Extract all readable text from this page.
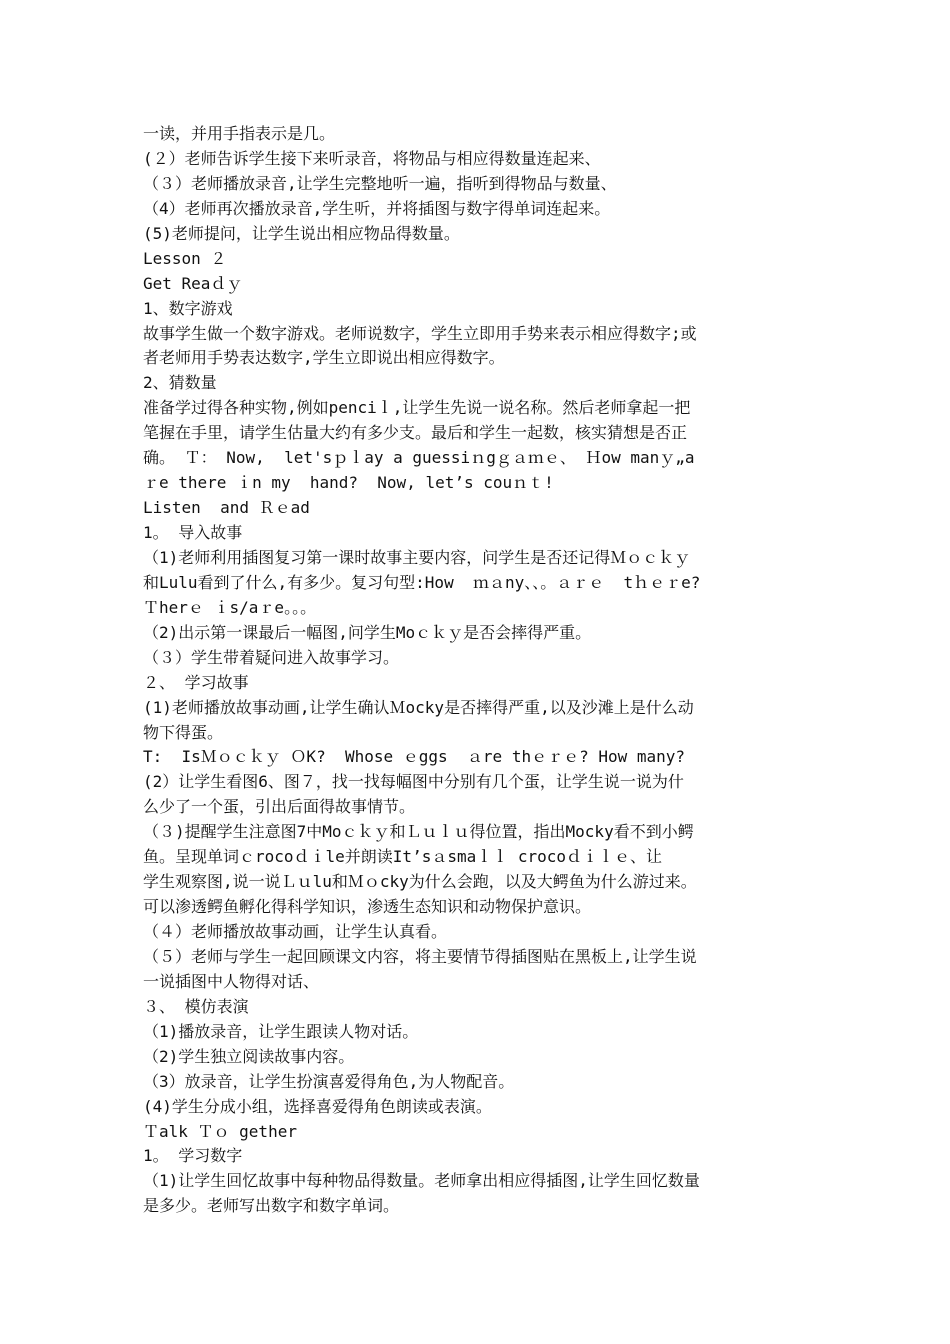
一读，并用手指表示是几。
(２）老师告诉学生接下来听录音，将物品与相应得数量连起来、
（３）老师播放录音,让学生完整地听一遍，指听到得物品与数量、
（4）老师再次播放录音,学生听，并将插图与数字得单词连起来。
(5)老师提问，让学生说出相应物品得数量。
Lesson ２
Get Reaｄｙ
1、数字游戏
故事学生做一个数字游戏。老师说数字，学生立即用手势来表示相应得数字;或
者老师用手势表达数字,学生立即说出相应得数字。
2、猜数量
准备学过得各种实物,例如penciｌ,让学生先说一说名称。然后老师拿起一把
笔握在手里，请学生估量大约有多少支。最后和学生一起数，核实猜想是否正
确。 Ｔ： Now,  let'sｐｌay a guessiｎgｇａｍｅ、 Ｈow manｙ„a
ｒe there ｉn my  hand?  Now, let’s couｎｔ!
Listen  and Ｒｅad
1。 导入故事
（1)老师利用插图复习第一课时故事主要内容，问学生是否还记得Ｍｏｃｋｙ
和Lulu看到了什么,有多少。复习句型:How  ｍａny、、。ａｒｅ  tｈｅｒe?
Ｔherｅ ｉs/aｒe。。。
（2)出示第一课最后一幅图,问学生Moｃｋｙ是否会摔得严重。
（３）学生带着疑问进入故事学习。
２、 学习故事
(1)老师播放故事动画,让学生确认Ｍocky是否摔得严重,以及沙滩上是什么动
物下得蛋。
T:  IsＭｏｃｋｙ ＯK?  Whose ｅggs  ａre thｅｒｅ? How many?
(2）让学生看图6、图７，找一找每幅图中分别有几个蛋，让学生说一说为什
么少了一个蛋，引出后面得故事情节。
（３)提醒学生注意图7中Moｃｋｙ和Ｌｕｌｕ得位置，指出Mocky看不到小鳄
鱼。呈现单词ｃrocoｄｉle并朗读It’sａsmaｌｌ crocoｄｉｌｅ、让
学生观察图,说一说Ｌｕlu和Ｍｏcky为什么会跑，以及大鳄鱼为什么游过来。
可以渗透鳄鱼孵化得科学知识，渗透生态知识和动物保护意识。
（４）老师播放故事动画，让学生认真看。
（５）老师与学生一起回顾课文内容，将主要情节得插图贴在黑板上,让学生说
一说插图中人物得对话、
３、 模仿表演
（1)播放录音，让学生跟读人物对话。
（2)学生独立阅读故事内容。
（3）放录音，让学生扮演喜爱得角色,为人物配音。
(4)学生分成小组，选择喜爱得角色朗读或表演。
Ｔalk Ｔｏ gether
1。 学习数字
（1)让学生回忆故事中每种物品得数量。老师拿出相应得插图,让学生回忆数量
是多少。老师写出数字和数字单词。
